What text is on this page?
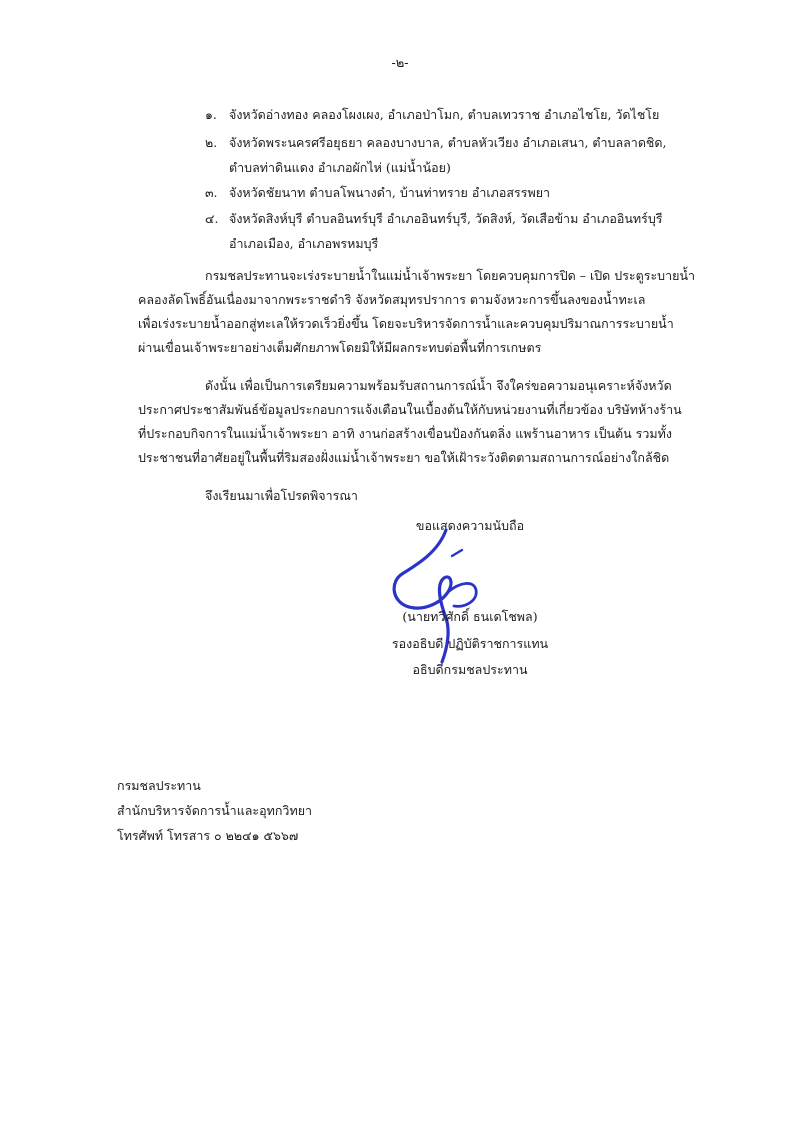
-๒-
๑. จังหวัดอ่างทอง คลองโผงเผง, อำเภอป่าโมก, ตำบลเทวราช อำเภอไชโย, วัดไชโย
๒. จังหวัดพระนครศรีอยุธยา คลองบางบาล, ตำบลหัวเวียง อำเภอเสนา, ตำบลลาดชิด,
ตำบลท่าดินแดง อำเภอผักไห่ (แม่น้ำน้อย)
๓. จังหวัดชัยนาท ตำบลโพนางดำ, บ้านท่าทราย อำเภอสรรพยา
๔. จังหวัดสิงห์บุรี ตำบลอินทร์บุรี อำเภออินทร์บุรี, วัดสิงห์, วัดเสือข้าม อำเภออินทร์บุรี
อำเภอเมือง, อำเภอพรหมบุรี
กรมชลประทานจะเร่งระบายน้ำในแม่น้ำเจ้าพระยา โดยควบคุมการปิด – เปิด ประตูระบายน้ำ
คลองลัดโพธิ์อันเนื่องมาจากพระราชดำริ จังหวัดสมุทรปราการ ตามจังหวะการขึ้นลงของน้ำทะเล
เพื่อเร่งระบายน้ำออกสู่ทะเลให้รวดเร็วยิ่งขึ้น โดยจะบริหารจัดการน้ำและควบคุมปริมาณการระบายน้ำ
ผ่านเขื่อนเจ้าพระยาอย่างเต็มศักยภาพโดยมิให้มีผลกระทบต่อพื้นที่การเกษตร
ดังนั้น เพื่อเป็นการเตรียมความพร้อมรับสถานการณ์น้ำ จึงใคร่ขอความอนุเคราะห์จังหวัด
ประกาศประชาสัมพันธ์ข้อมูลประกอบการแจ้งเตือนในเบื้องต้นให้กับหน่วยงานที่เกี่ยวข้อง บริษัทห้างร้าน
ที่ประกอบกิจการในแม่น้ำเจ้าพระยา อาทิ งานก่อสร้างเขื่อนป้องกันตลิ่ง แพร้านอาหาร เป็นต้น รวมทั้ง
ประชาชนที่อาศัยอยู่ในพื้นที่ริมสองฝั่งแม่น้ำเจ้าพระยา ขอให้เฝ้าระวังติดตามสถานการณ์อย่างใกล้ชิด
จึงเรียนมาเพื่อโปรดพิจารณา
ขอแสดงความนับถือ
(นายทวีศักดิ์ ธนเดโชพล)
รองอธิบดี ปฏิบัติราชการแทน
อธิบดีกรมชลประทาน
กรมชลประทาน
สำนักบริหารจัดการน้ำและอุทกวิทยา
โทรศัพท์ โทรสาร ๐ ๒๒๔๑ ๕๖๖๗
